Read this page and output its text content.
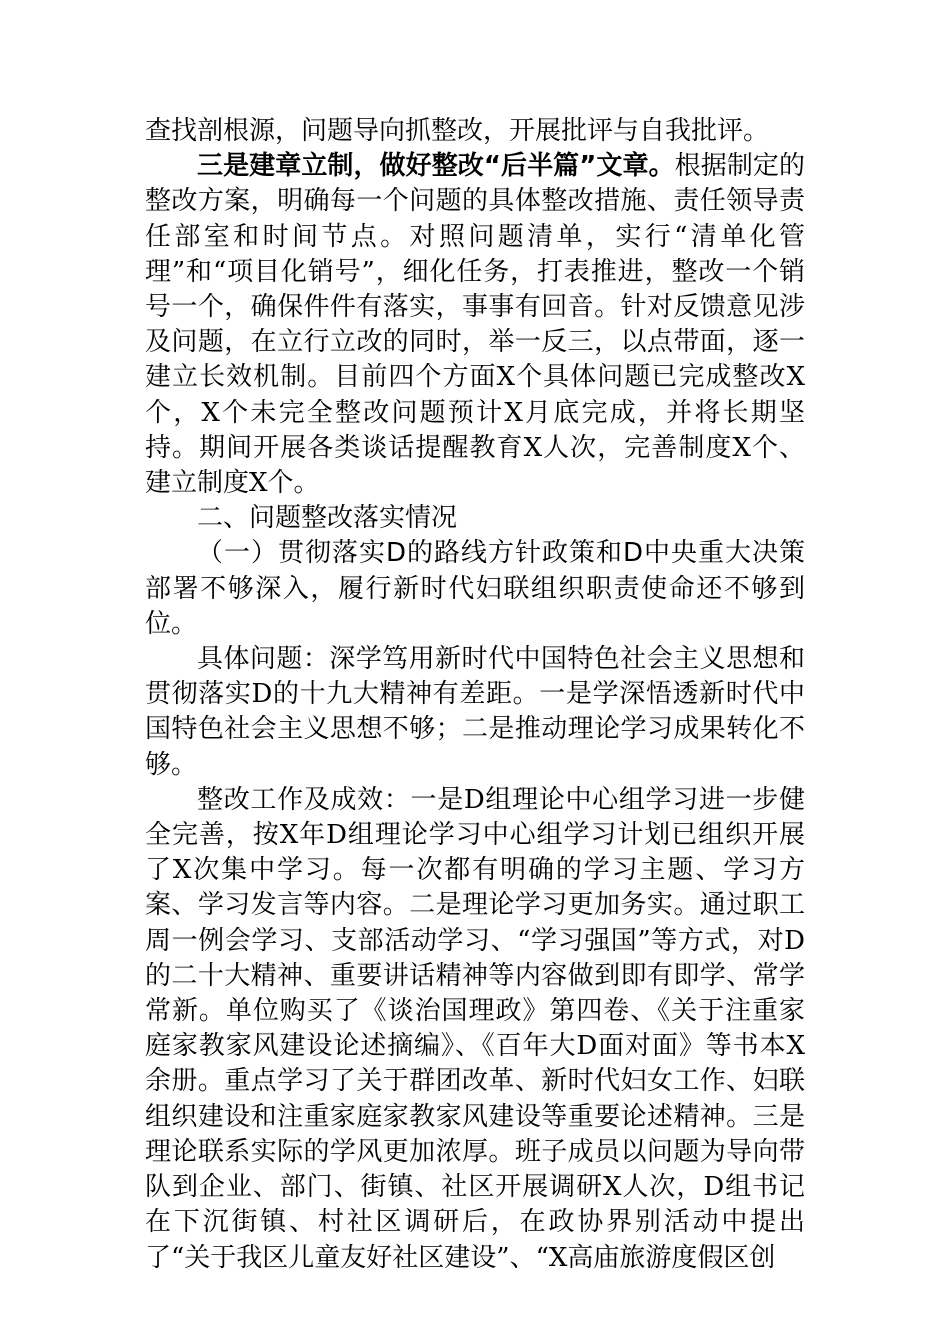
查找剖根源，问题导向抓整改，开展批评与自我批评。

三是建章立制，做好整改“后半篇”文章。根据制定的整改方案，明确每一个问题的具体整改措施、责任领导责任部室和时间节点。对照问题清单，实行“清单化管理”和“项目化销号”，细化任务，打表推进，整改一个销号一个，确保件件有落实，事事有回音。针对反馈意见涉及问题，在立行立改的同时，举一反三，以点带面，逐一建立长效机制。目前四个方面X个具体问题已完成整改X个，X个未完全整改问题预计X月底完成，并将长期坚持。期间开展各类谈话提醒教育X人次，完善制度X个、建立制度X个。

二、问题整改落实情况

（一）贯彻落实D的路线方针政策和D中央重大决策部署不够深入，履行新时代妇联组织职责使命还不够到位。

具体问题：深学笃用新时代中国特色社会主义思想和贯彻落实D的十九大精神有差距。一是学深悟透新时代中国特色社会主义思想不够；二是推动理论学习成果转化不够。

整改工作及成效：一是D组理论中心组学习进一步健全完善，按X年D组理论学习中心组学习计划已组织开展了X次集中学习。每一次都有明确的学习主题、学习方案、学习发言等内容。二是理论学习更加务实。通过职工周一例会学习、支部活动学习、“学习强国”等方式，对D的二十大精神、重要讲话精神等内容做到即有即学、常学常新。单位购买了《谈治国理政》第四卷、《关于注重家庭家教家风建设论述摘编》、《百年大D面对面》等书本X余册。重点学习了关于群团改革、新时代妇女工作、妇联组织建设和注重家庭家教家风建设等重要论述精神。三是理论联系实际的学风更加浓厚。班子成员以问题为导向带队到企业、部门、街镇、社区开展调研X人次，D组书记在下沉街镇、村社区调研后，在政协界别活动中提出了“关于我区儿童友好社区建设”、“X高庙旅游度假区创
